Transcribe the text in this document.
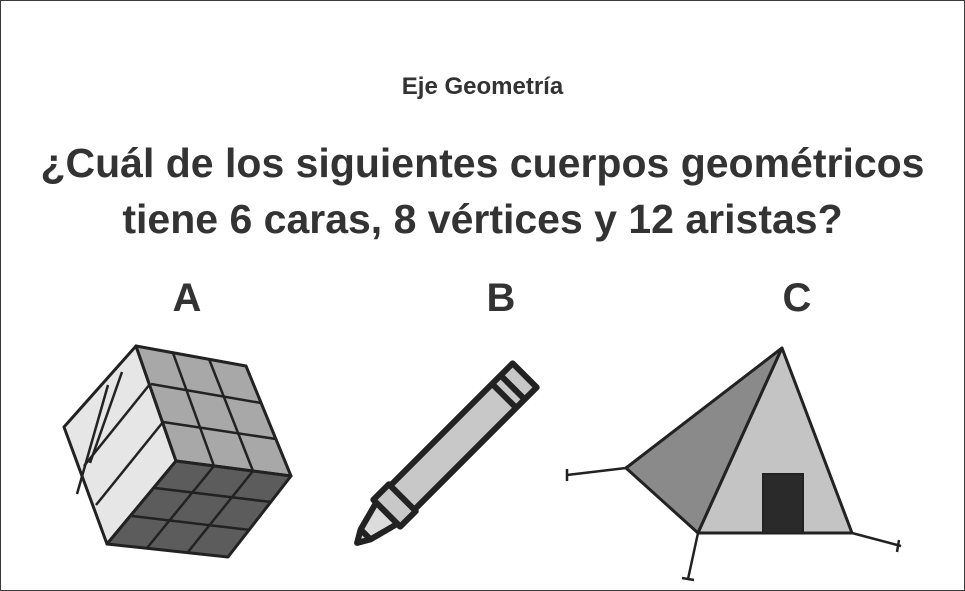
Eje Geometría
¿Cuál de los siguientes cuerpos geométricos
tiene 6 caras, 8 vértices y 12 aristas?
A	B	C
